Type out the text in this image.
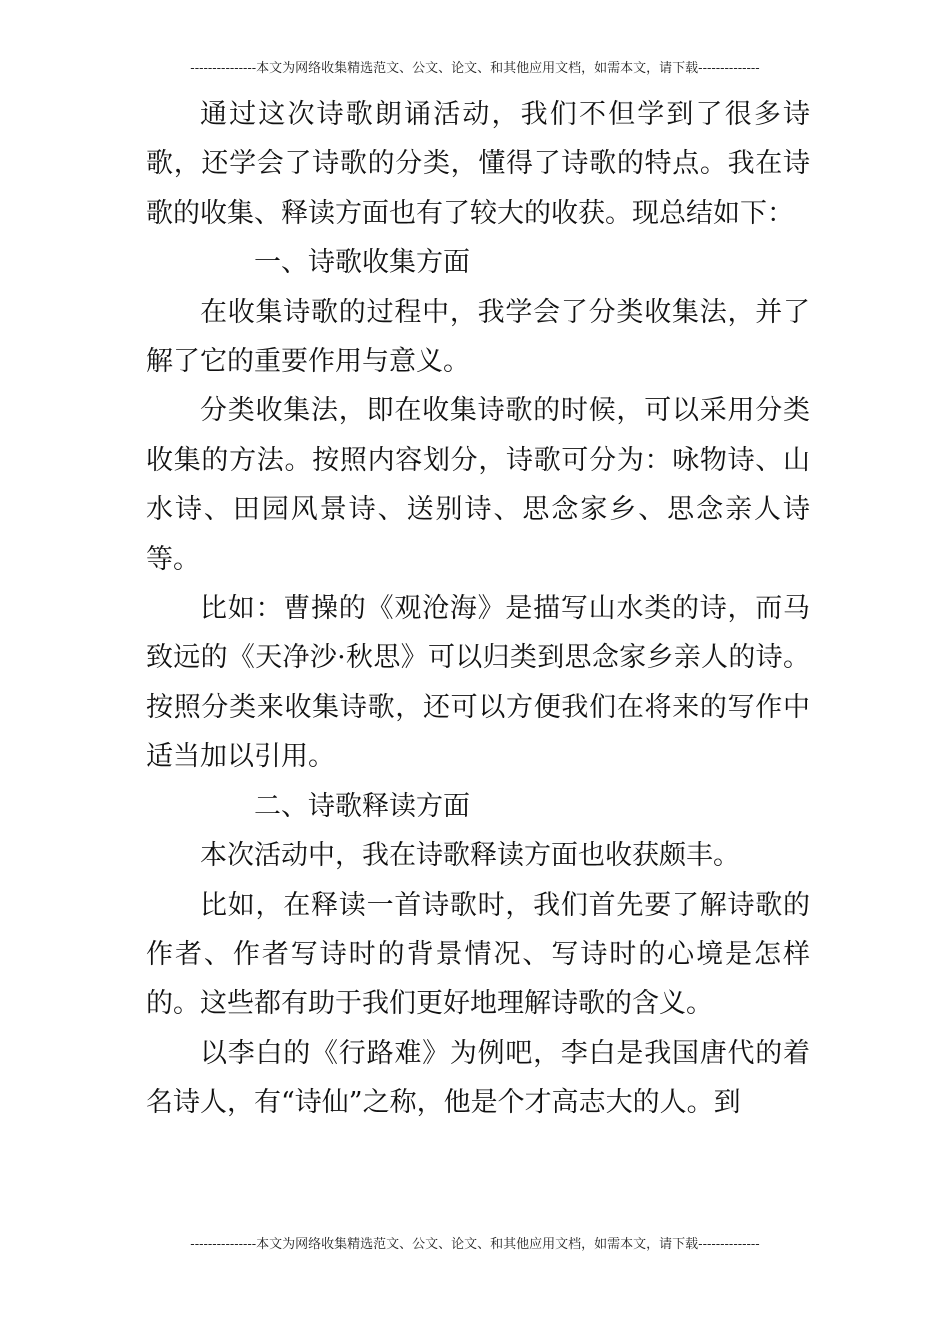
---------------本文为网络收集精选范文、公文、论文、和其他应用文档，如需本文，请下载--------------

通过这次诗歌朗诵活动，我们不但学到了很多诗歌，还学会了诗歌的分类，懂得了诗歌的特点。我在诗歌的收集、释读方面也有了较大的收获。现总结如下：

一、诗歌收集方面

在收集诗歌的过程中，我学会了分类收集法，并了解了它的重要作用与意义。

分类收集法，即在收集诗歌的时候，可以采用分类收集的方法。按照内容划分，诗歌可分为：咏物诗、山水诗、田园风景诗、送别诗、思念家乡、思念亲人诗等。

比如：曹操的《观沧海》是描写山水类的诗，而马致远的《天净沙·秋思》可以归类到思念家乡亲人的诗。按照分类来收集诗歌，还可以方便我们在将来的写作中适当加以引用。

二、诗歌释读方面

本次活动中，我在诗歌释读方面也收获颇丰。

比如，在释读一首诗歌时，我们首先要了解诗歌的作者、作者写诗时的背景情况、写诗时的心境是怎样的。这些都有助于我们更好地理解诗歌的含义。

以李白的《行路难》为例吧，李白是我国唐代的着名诗人，有“诗仙”之称，他是个才高志大的人。到

---------------本文为网络收集精选范文、公文、论文、和其他应用文档，如需本文，请下载--------------
